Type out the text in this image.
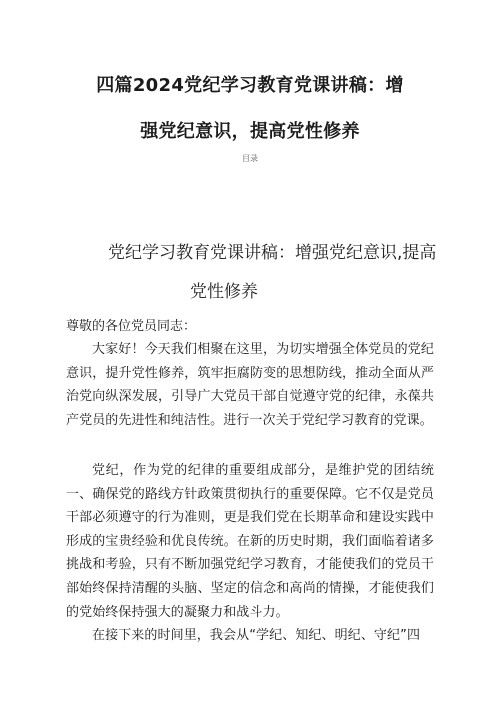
四篇2024党纪学习教育党课讲稿：增
强党纪意识，提高党性修养
目录
党纪学习教育党课讲稿：增强党纪意识,提高
党性修养
尊敬的各位党员同志：

大家好！今天我们相聚在这里，为切实增强全体党员的党纪意识，提升党性修养，筑牢拒腐防变的思想防线，推动全面从严治党向纵深发展，引导广大党员干部自觉遵守党的纪律，永葆共产党员的先进性和纯洁性。进行一次关于党纪学习教育的党课。

党纪，作为党的纪律的重要组成部分，是维护党的团结统一、确保党的路线方针政策贯彻执行的重要保障。它不仅是党员干部必须遵守的行为准则，更是我们党在长期革命和建设实践中形成的宝贵经验和优良传统。在新的历史时期，我们面临着诸多挑战和考验，只有不断加强党纪学习教育，才能使我们的党员干部始终保持清醒的头脑、坚定的信念和高尚的情操，才能使我们的党始终保持强大的凝聚力和战斗力。

在接下来的时间里，我会从“学纪、知纪、明纪、守纪”四
